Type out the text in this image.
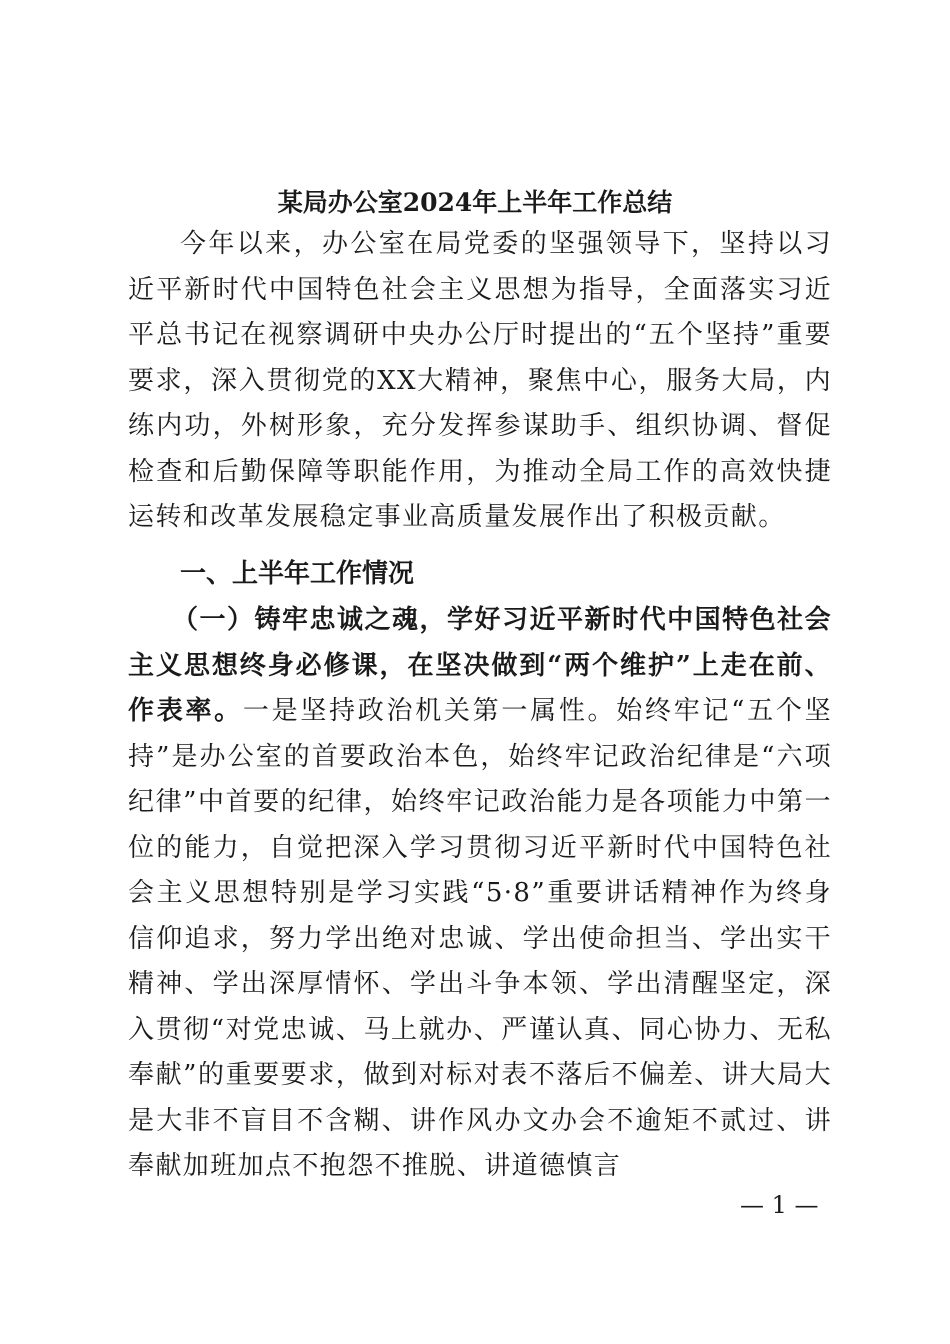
某局办公室2024年上半年工作总结

今年以来，办公室在局党委的坚强领导下，坚持以习近平新时代中国特色社会主义思想为指导，全面落实习近平总书记在视察调研中央办公厅时提出的“五个坚持”重要要求，深入贯彻党的XX大精神，聚焦中心，服务大局，内练内功，外树形象，充分发挥参谋助手、组织协调、督促检查和后勤保障等职能作用，为推动全局工作的高效快捷运转和改革发展稳定事业高质量发展作出了积极贡献。

一、上半年工作情况

（一）铸牢忠诚之魂，学好习近平新时代中国特色社会主义思想终身必修课，在坚决做到“两个维护”上走在前、作表率。一是坚持政治机关第一属性。始终牢记“五个坚持”是办公室的首要政治本色，始终牢记政治纪律是“六项纪律”中首要的纪律，始终牢记政治能力是各项能力中第一位的能力，自觉把深入学习贯彻习近平新时代中国特色社会主义思想特别是学习实践“5·8”重要讲话精神作为终身信仰追求，努力学出绝对忠诚、学出使命担当、学出实干精神、学出深厚情怀、学出斗争本领、学出清醒坚定，深入贯彻“对党忠诚、马上就办、严谨认真、同心协力、无私奉献”的重要要求，做到对标对表不落后不偏差、讲大局大是大非不盲目不含糊、讲作风办文办会不逾矩不贰过、讲奉献加班加点不抱怨不推脱、讲道德慎言

— 1 —
